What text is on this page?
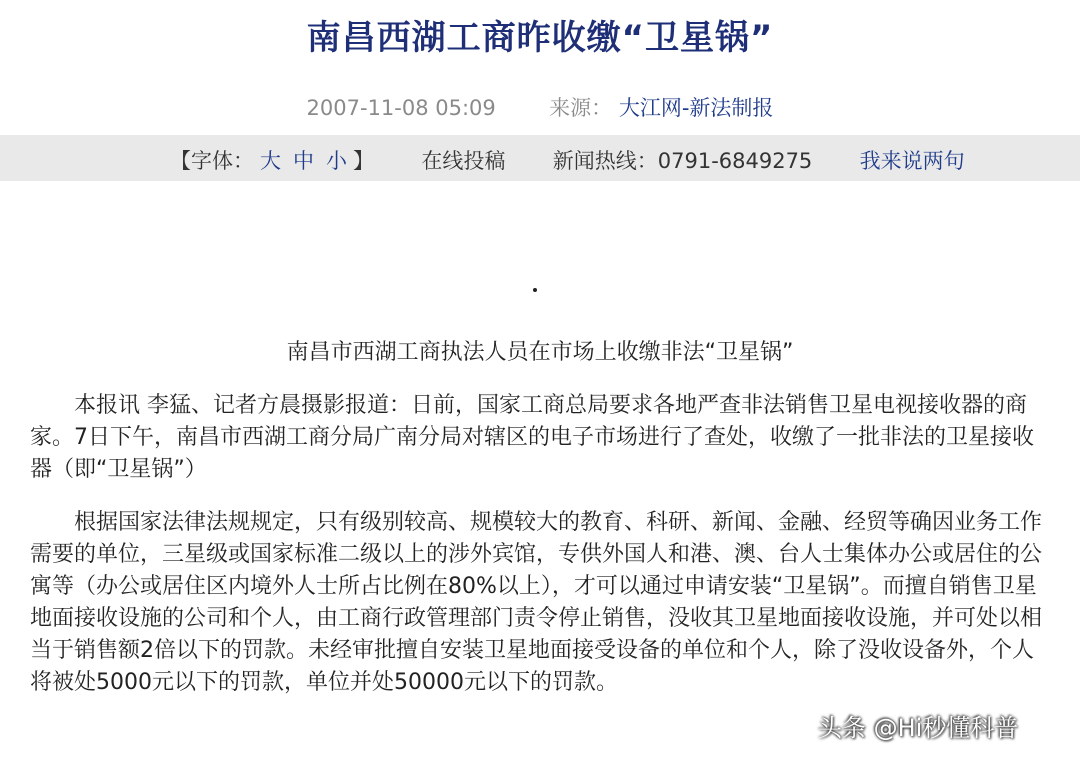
南昌西湖工商昨收缴“卫星锅”
2007-11-08 05:09	来源： 大江网-新法制报
【字体： 大 中 小 】 在线投稿 新闻热线：0791-6849275 我来说两句
南昌市西湖工商执法人员在市场上收缴非法“卫星锅”

本报讯 李猛、记者方晨摄影报道：日前，国家工商总局要求各地严查非法销售卫星电视接收器的商家。7日下午，南昌市西湖工商分局广南分局对辖区的电子市场进行了查处，收缴了一批非法的卫星接收器（即“卫星锅”）

根据国家法律法规规定，只有级别较高、规模较大的教育、科研、新闻、金融、经贸等确因业务工作需要的单位，三星级或国家标准二级以上的涉外宾馆，专供外国人和港、澳、台人士集体办公或居住的公寓等（办公或居住区内境外人士所占比例在80%以上），才可以通过申请安装“卫星锅”。而擅自销售卫星地面接收设施的公司和个人，由工商行政管理部门责令停止销售，没收其卫星地面接收设施，并可处以相当于销售额2倍以下的罚款。未经审批擅自安装卫星地面接受设备的单位和个人，除了没收设备外，个人将被处5000元以下的罚款，单位并处50000元以下的罚款。

头条 @Hi秒懂科普
